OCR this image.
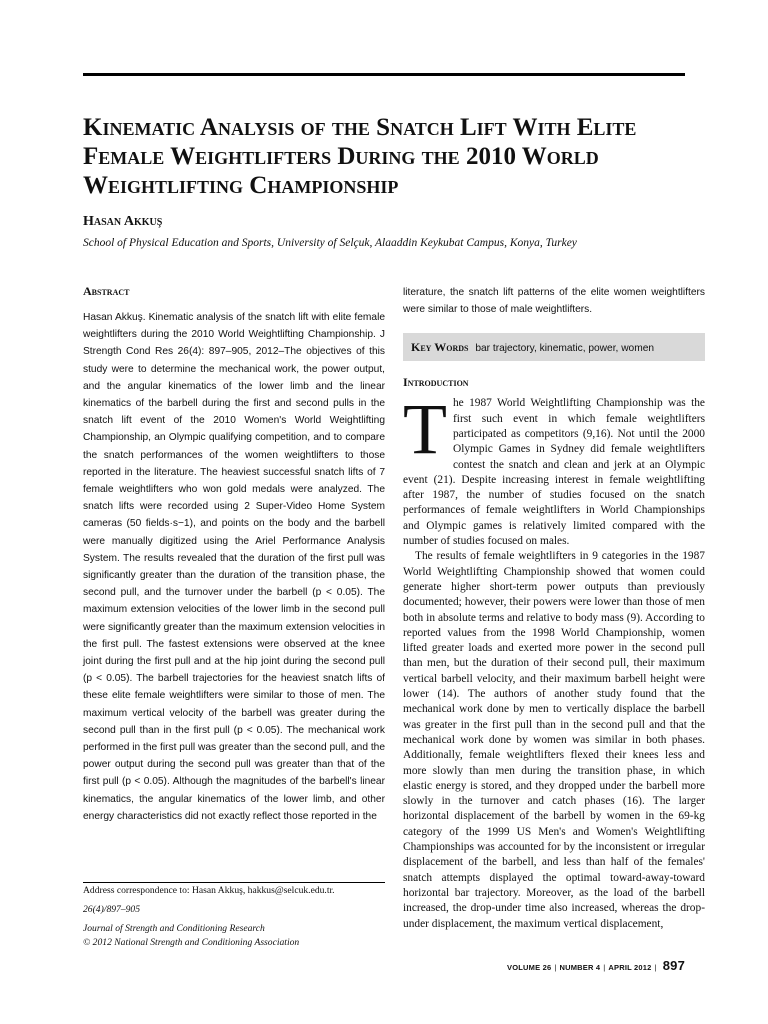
Kinematic Analysis of the Snatch Lift With Elite Female Weightlifters During the 2010 World Weightlifting Championship
Hasan Akkuş
School of Physical Education and Sports, University of Selçuk, Alaaddin Keykubat Campus, Konya, Turkey
Abstract

Hasan Akkuş. Kinematic analysis of the snatch lift with elite female weightlifters during the 2010 World Weightlifting Championship. J Strength Cond Res 26(4): 897–905, 2012–The objectives of this study were to determine the mechanical work, the power output, and the angular kinematics of the lower limb and the linear kinematics of the barbell during the first and second pulls in the snatch lift event of the 2010 Women's World Weightlifting Championship, an Olympic qualifying competition, and to compare the snatch performances of the women weightlifters to those reported in the literature. The heaviest successful snatch lifts of 7 female weightlifters who won gold medals were analyzed. The snatch lifts were recorded using 2 Super-Video Home System cameras (50 fields·s−1), and points on the body and the barbell were manually digitized using the Ariel Performance Analysis System. The results revealed that the duration of the first pull was significantly greater than the duration of the transition phase, the second pull, and the turnover under the barbell (p < 0.05). The maximum extension velocities of the lower limb in the second pull were significantly greater than the maximum extension velocities in the first pull. The fastest extensions were observed at the knee joint during the first pull and at the hip joint during the second pull (p < 0.05). The barbell trajectories for the heaviest snatch lifts of these elite female weightlifters were similar to those of men. The maximum vertical velocity of the barbell was greater during the second pull than in the first pull (p < 0.05). The mechanical work performed in the first pull was greater than the second pull, and the power output during the second pull was greater than that of the first pull (p < 0.05). Although the magnitudes of the barbell's linear kinematics, the angular kinematics of the lower limb, and other energy characteristics did not exactly reflect those reported in the

literature, the snatch lift patterns of the elite women weightlifters were similar to those of male weightlifters.

Key Words bar trajectory, kinematic, power, women
Introduction

The 1987 World Weightlifting Championship was the first such event in which female weightlifters participated as competitors (9,16). Not until the 2000 Olympic Games in Sydney did female weightlifters contest the snatch and clean and jerk at an Olympic event (21). Despite increasing interest in female weightlifting after 1987, the number of studies focused on the snatch performances of female weightlifters in World Championships and Olympic games is relatively limited compared with the number of studies focused on males.

The results of female weightlifters in 9 categories in the 1987 World Weightlifting Championship showed that women could generate higher short-term power outputs than previously documented; however, their powers were lower than those of men both in absolute terms and relative to body mass (9). According to reported values from the 1998 World Championship, women lifted greater loads and exerted more power in the second pull than men, but the duration of their second pull, their maximum vertical barbell velocity, and their maximum barbell height were lower (14). The authors of another study found that the mechanical work done by men to vertically displace the barbell was greater in the first pull than in the second pull and that the mechanical work done by women was similar in both phases. Additionally, female weightlifters flexed their knees less and more slowly than men during the transition phase, in which elastic energy is stored, and they dropped under the barbell more slowly in the turnover and catch phases (16). The larger horizontal displacement of the barbell by women in the 69-kg category of the 1999 US Men's and Women's Weightlifting Championships was accounted for by the inconsistent or irregular displacement of the barbell, and less than half of the females' snatch attempts displayed the optimal toward-away-toward horizontal bar trajectory. Moreover, as the load of the barbell increased, the drop-under time also increased, whereas the drop-under displacement, the maximum vertical displacement,

Address correspondence to: Hasan Akkuş, hakkus@selcuk.edu.tr.

26(4)/897–905

Journal of Strength and Conditioning Research

© 2012 National Strength and Conditioning Association

VOLUME 26 | NUMBER 4 | APRIL 2012 | 897
